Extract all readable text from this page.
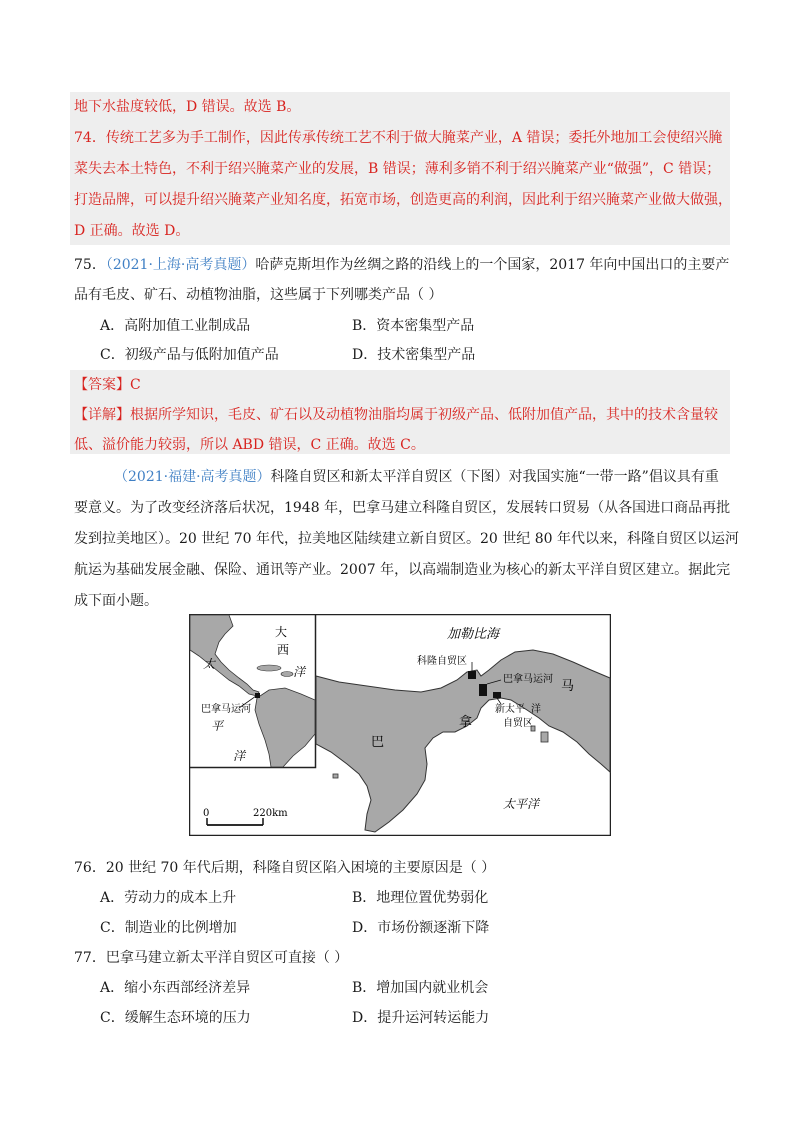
地下水盐度较低，D 错误。故选 B。
74．传统工艺多为手工制作，因此传承传统工艺不利于做大腌菜产业，A 错误；委托外地加工会使绍兴腌
菜失去本土特色，不利于绍兴腌菜产业的发展，B 错误；薄利多销不利于绍兴腌菜产业“做强”，C 错误；
打造品牌，可以提升绍兴腌菜产业知名度，拓宽市场，创造更高的利润，因此利于绍兴腌菜产业做大做强，
D 正确。故选 D。
75．（2021·上海·高考真题）哈萨克斯坦作为丝绸之路的沿线上的一个国家，2017 年向中国出口的主要产
品有毛皮、矿石、动植物油脂，这些属于下列哪类产品（ ）
A．高附加值工业制成品	B．资本密集型产品
C．初级产品与低附加值产品	D．技术密集型产品
【答案】C
【详解】根据所学知识，毛皮、矿石以及动植物油脂均属于初级产品、低附加值产品，其中的技术含量较
低、溢价能力较弱，所以 ABD 错误，C 正确。故选 C。
（2021·福建·高考真题）科隆自贸区和新太平洋自贸区（下图）对我国实施“一带一路”倡议具有重
要意义。为了改变经济落后状况，1948 年，巴拿马建立科隆自贸区，发展转口贸易（从各国进口商品再批
发到拉美地区）。20 世纪 70 年代，拉美地区陆续建立新自贸区。20 世纪 80 年代以来，科隆自贸区以运河
航运为基础发展金融、保险、通讯等产业。2007 年，以高端制造业为核心的新太平洋自贸区建立。据此完
成下面小题。
大
西
洋
太
巴拿马运河
平
洋
加勒比海
科隆自贸区
巴拿马运河
新太平 洋
自贸区
巴
拿
马
太平洋
0	220km
76．20 世纪 70 年代后期，科隆自贸区陷入困境的主要原因是（ ）
A．劳动力的成本上升	B．地理位置优势弱化
C．制造业的比例增加	D．市场份额逐渐下降
77．巴拿马建立新太平洋自贸区可直接（ ）
A．缩小东西部经济差异	B．增加国内就业机会
C．缓解生态环境的压力	D．提升运河转运能力
